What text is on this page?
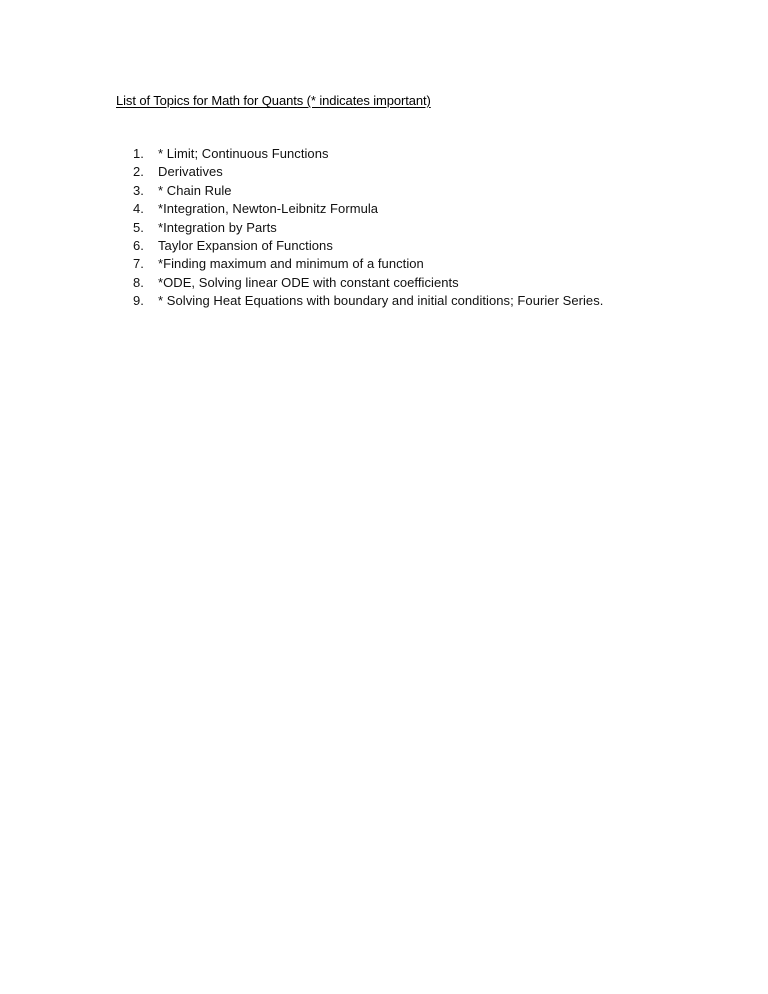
List of Topics for Math for Quants (* indicates important)
1.	* Limit; Continuous Functions
2.	Derivatives
3.	* Chain Rule
4.	*Integration, Newton-Leibnitz Formula
5.	*Integration by Parts
6.	Taylor Expansion of Functions
7.	*Finding maximum and minimum of a function
8.	*ODE, Solving linear ODE with constant coefficients
9.	* Solving Heat Equations with boundary and initial conditions; Fourier Series.
